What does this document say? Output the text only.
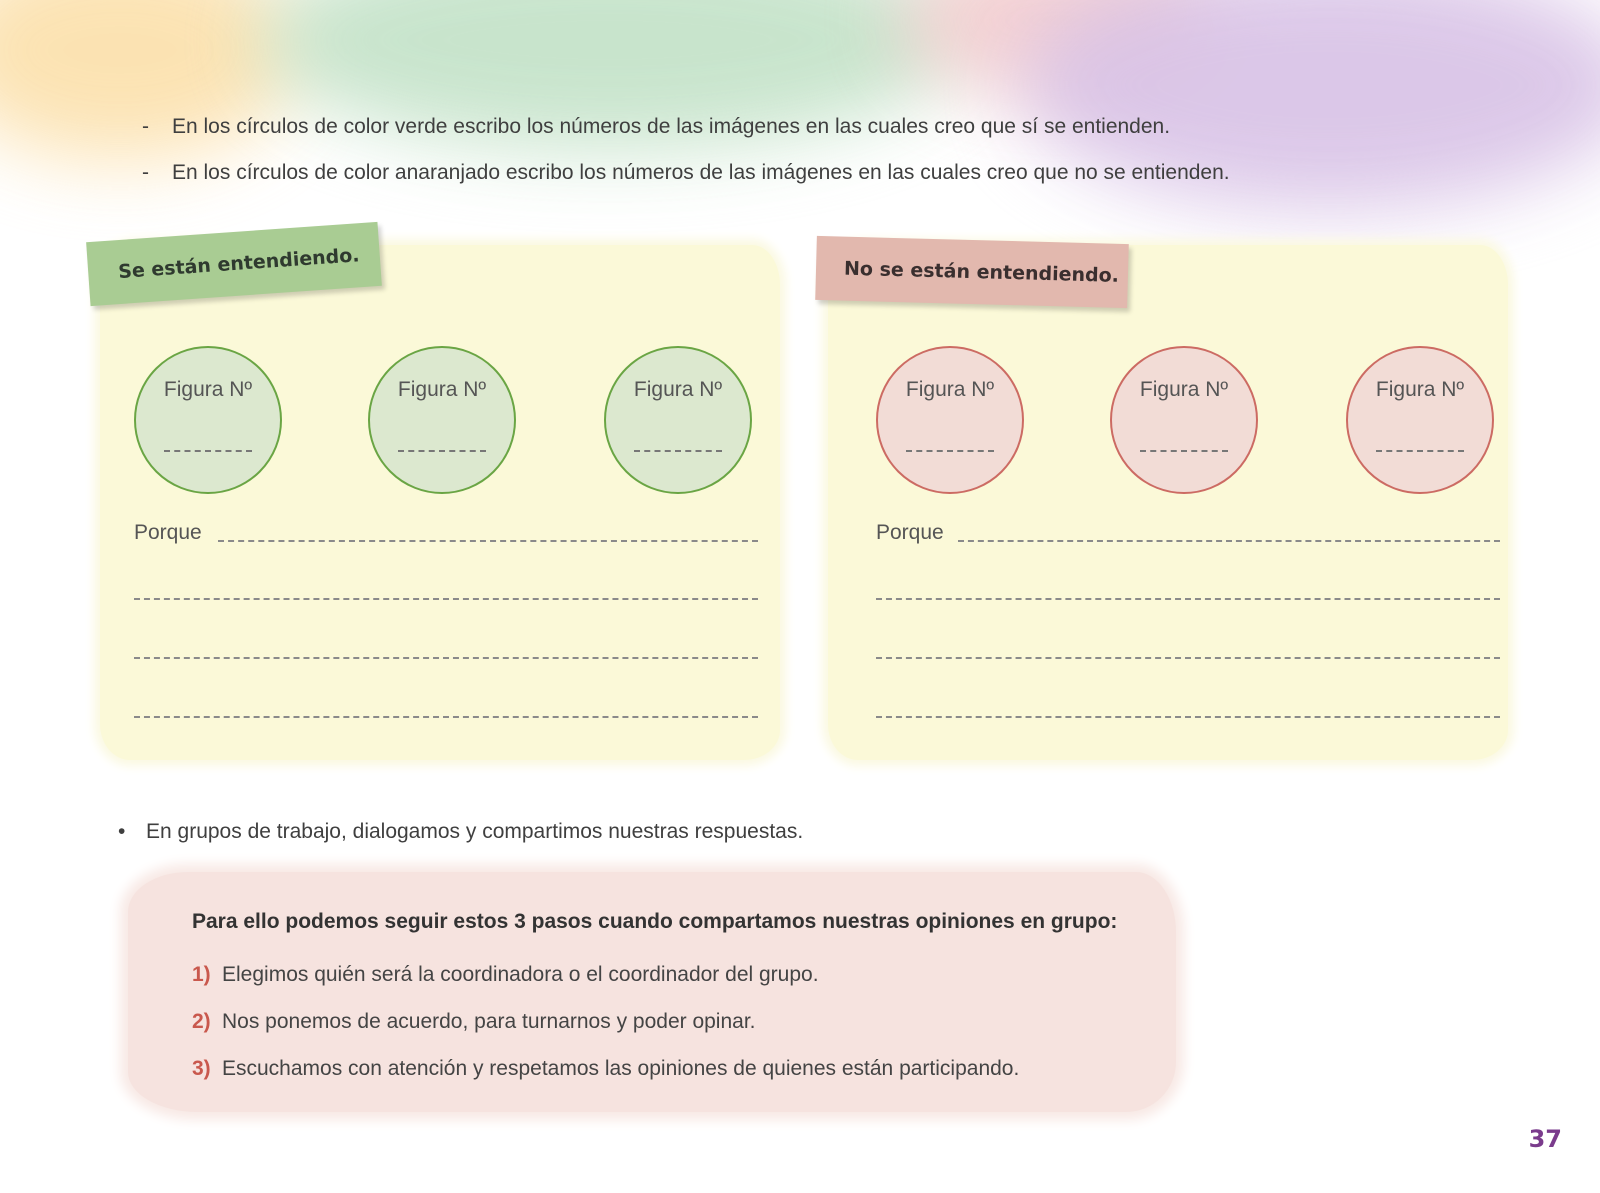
- En los círculos de color verde escribo los números de las imágenes en las cuales creo que sí se entienden.
- En los círculos de color anaranjado escribo los números de las imágenes en las cuales creo que no se entienden.
Se están entendiendo.	No se están entendiendo.
Figura Nº	Figura Nº	Figura Nº	Figura Nº	Figura Nº	Figura Nº
Porque	Porque
• En grupos de trabajo, dialogamos y compartimos nuestras respuestas.
Para ello podemos seguir estos 3 pasos cuando compartamos nuestras opiniones en grupo:
1) Elegimos quién será la coordinadora o el coordinador del grupo.
2) Nos ponemos de acuerdo, para turnarnos y poder opinar.
3) Escuchamos con atención y respetamos las opiniones de quienes están participando.
37
